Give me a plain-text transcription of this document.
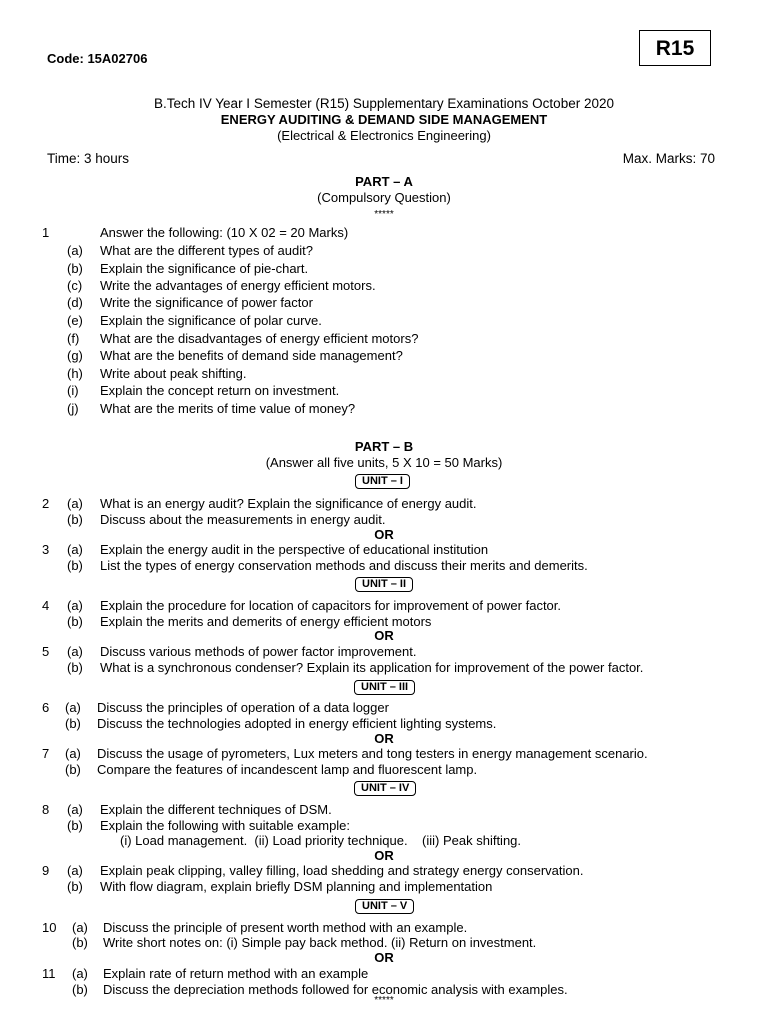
Code: 15A02706	R15
B.Tech IV Year I Semester (R15) Supplementary Examinations October 2020
ENERGY AUDITING & DEMAND SIDE MANAGEMENT
(Electrical & Electronics Engineering)
Time: 3 hours	Max. Marks: 70
PART – A
(Compulsory Question)
*****
1	Answer the following: (10 X 02 = 20 Marks)
(a) What are the different types of audit?
(b) Explain the significance of pie-chart.
(c) Write the advantages of energy efficient motors.
(d) Write the significance of power factor
(e) Explain the significance of polar curve.
(f) What are the disadvantages of energy efficient motors?
(g) What are the benefits of demand side management?
(h) Write about peak shifting.
(i) Explain the concept return on investment.
(j) What are the merits of time value of money?
PART – B
(Answer all five units, 5 X 10 = 50 Marks)
UNIT – I
UNIT – II
UNIT – III
UNIT – IV
UNIT – V
OR
OR
OR
OR
OR
2 (a) What is an energy audit? Explain the significance of energy audit.
(b) Discuss about the measurements in energy audit.
3 (a) Explain the energy audit in the perspective of educational institution
(b) List the types of energy conservation methods and discuss their merits and demerits.
4 (a) Explain the procedure for location of capacitors for improvement of power factor.
(b) Explain the merits and demerits of energy efficient motors
5 (a) Discuss various methods of power factor improvement.
(b) What is a synchronous condenser? Explain its application for improvement of the power factor.
6 (a) Discuss the principles of operation of a data logger
(b) Discuss the technologies adopted in energy efficient lighting systems.
7 (a) Discuss the usage of pyrometers, Lux meters and tong testers in energy management scenario.
(b) Compare the features of incandescent lamp and fluorescent lamp.
8 (a) Explain the different techniques of DSM.
(b) Explain the following with suitable example:
(i) Load management.  (ii) Load priority technique.    (iii) Peak shifting.
9 (a) Explain peak clipping, valley filling, load shedding and strategy energy conservation.
(b) With flow diagram, explain briefly DSM planning and implementation
10 (a) Discuss the principle of present worth method with an example.
(b) Write short notes on: (i) Simple pay back method. (ii) Return on investment.
11 (a) Explain rate of return method with an example
(b) Discuss the depreciation methods followed for economic analysis with examples.
*****
